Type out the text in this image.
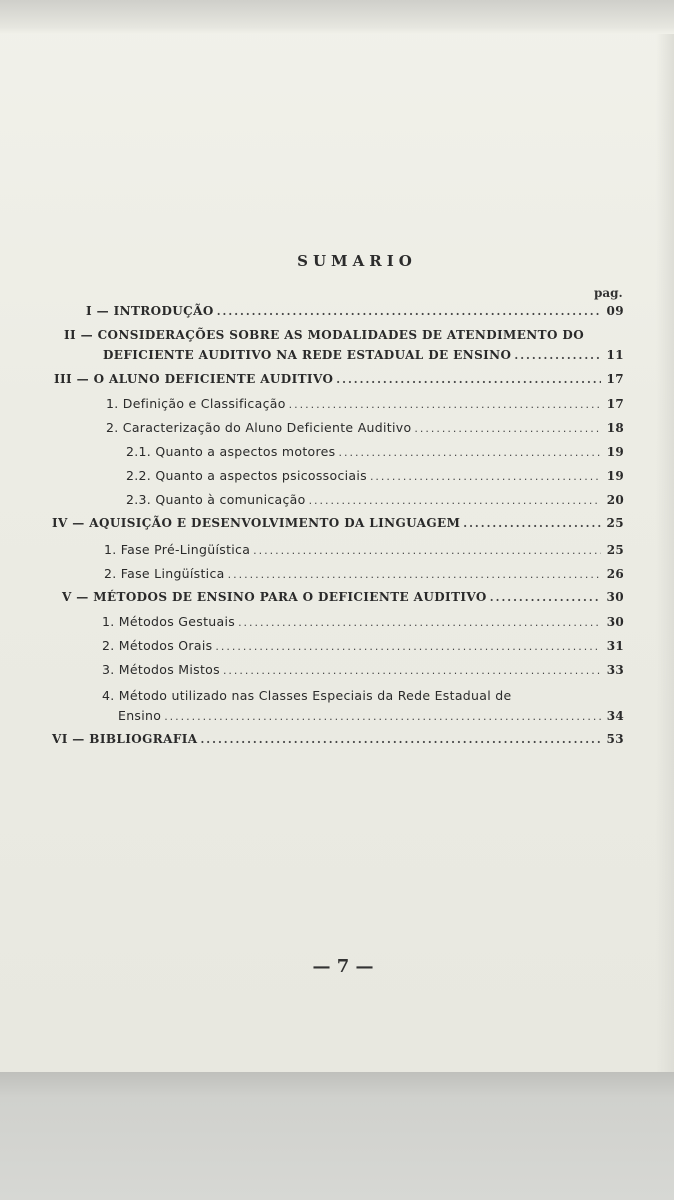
SUMARIO
pag.
I — INTRODUÇÃO .....	09
II — CONSIDERAÇÕES SOBRE AS MODALIDADES DE ATENDIMENTO DO
DEFICIENTE AUDITIVO NA REDE ESTADUAL DE ENSINO .....	11
III — O ALUNO DEFICIENTE AUDITIVO .....	17
1. Definição e Classificação .....	17
2. Caracterização do Aluno Deficiente Auditivo .....	18
2.1. Quanto a aspectos motores .....	19
2.2. Quanto a aspectos psicossociais .....	19
2.3. Quanto à comunicação .....	20
IV — AQUISIÇÃO E DESENVOLVIMENTO DA LINGUAGEM .....	25
1. Fase Pré-Lingüística .....	25
2. Fase Lingüística .....	26
V — MÉTODOS DE ENSINO PARA O DEFICIENTE AUDITIVO .....	30
1. Métodos Gestuais .....	30
2. Métodos Orais .....	31
3. Métodos Mistos .....	33
4. Método utilizado nas Classes Especiais da Rede Estadual de
Ensino .....	34
VI — BIBLIOGRAFIA .....	53
— 7 —
